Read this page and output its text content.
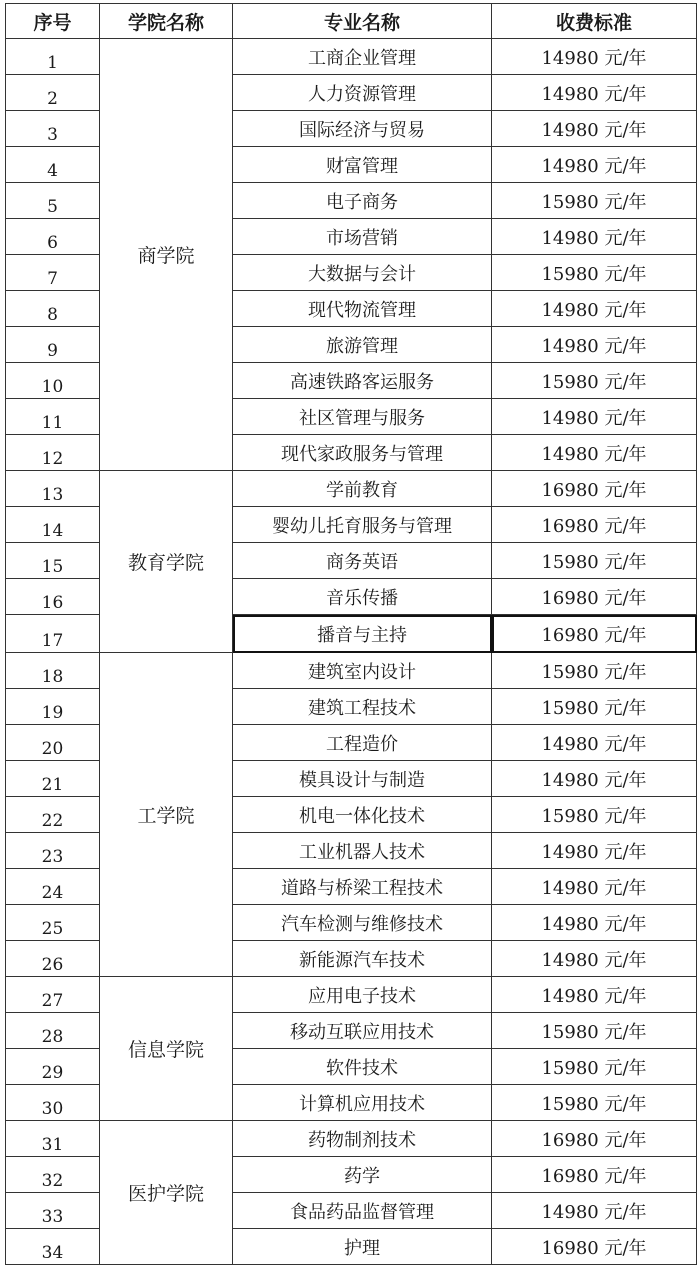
序号	学院名称	专业名称	收费标准
1	商学院	工商企业管理	14980 元/年
2		人力资源管理	14980 元/年
3		国际经济与贸易	14980 元/年
4		财富管理	14980 元/年
5		电子商务	15980 元/年
6		市场营销	14980 元/年
7		大数据与会计	15980 元/年
8		现代物流管理	14980 元/年
9		旅游管理	14980 元/年
10		高速铁路客运服务	15980 元/年
11		社区管理与服务	14980 元/年
12		现代家政服务与管理	14980 元/年
13	教育学院	学前教育	16980 元/年
14		婴幼儿托育服务与管理	16980 元/年
15		商务英语	15980 元/年
16		音乐传播	16980 元/年
17		播音与主持	16980 元/年
18	工学院	建筑室内设计	15980 元/年
19		建筑工程技术	15980 元/年
20		工程造价	14980 元/年
21		模具设计与制造	14980 元/年
22		机电一体化技术	15980 元/年
23		工业机器人技术	14980 元/年
24		道路与桥梁工程技术	14980 元/年
25		汽车检测与维修技术	14980 元/年
26		新能源汽车技术	14980 元/年
27	信息学院	应用电子技术	14980 元/年
28		移动互联应用技术	15980 元/年
29		软件技术	15980 元/年
30		计算机应用技术	15980 元/年
31	医护学院	药物制剂技术	16980 元/年
32		药学	16980 元/年
33		食品药品监督管理	14980 元/年
34		护理	16980 元/年
